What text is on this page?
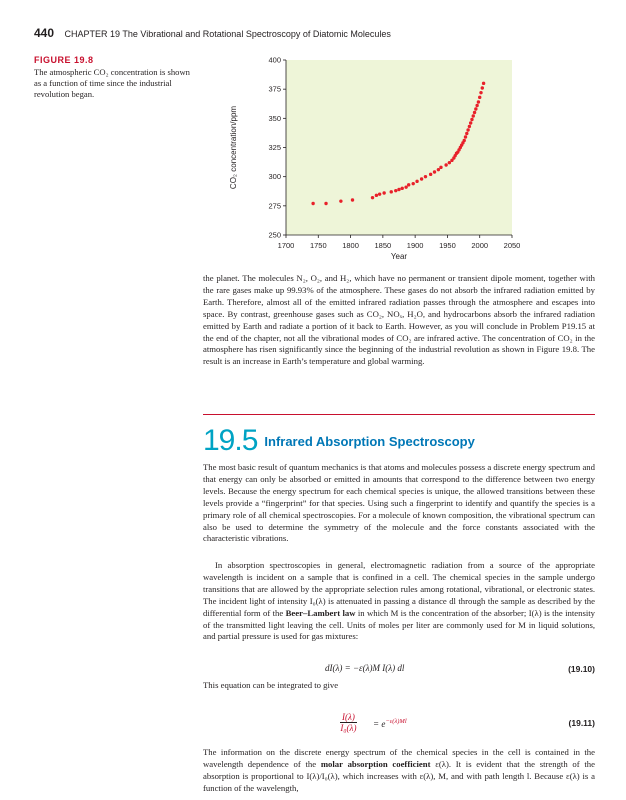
440 CHAPTER 19 The Vibrational and Rotational Spectroscopy of Diatomic Molecules
FIGURE 19.8
The atmospheric CO₂ concentration is shown as a function of time since the industrial revolution began.
1700 1750 1800 1850 1900 1950 2000 2050
250
275
300
325
350
375
400
Year
CO₂ concentration/ppm

the planet. The molecules N₂, O₂, and H₂, which have no permanent or transient dipole moment, together with the rare gases make up 99.93% of the atmosphere. These gases do not absorb the infrared radiation emitted by Earth. Therefore, almost all of the emitted infrared radiation passes through the atmosphere and escapes into space. By contrast, greenhouse gases such as CO₂, NOₓ, H₂O, and hydrocarbons absorb the infrared radiation emitted by Earth and radiate a portion of it back to Earth. However, as you will conclude in Problem P19.15 at the end of the chapter, not all the vibrational modes of CO₂ are infrared active. The concentration of CO₂ in the atmosphere has risen significantly since the beginning of the industrial revolution as shown in Figure 19.8. The result is an increase in Earth’s temperature and global warming.

19.5 Infrared Absorption Spectroscopy

The most basic result of quantum mechanics is that atoms and molecules possess a discrete energy spectrum and that energy can only be absorbed or emitted in amounts that correspond to the difference between two energy levels. Because the energy spectrum for each chemical species is unique, the allowed transitions between these levels provide a “fingerprint” for that species. Using such a fingerprint to identify and quantify the species is a primary role of all chemical spectroscopies. For a molecule of known composition, the vibrational spectrum can also be used to determine the symmetry of the molecule and the force constants associated with the characteristic vibrations.

In absorption spectroscopies in general, electromagnetic radiation from a source of the appropriate wavelength is incident on a sample that is confined in a cell. The chemical species in the sample undergo transitions that are allowed by the appropriate selection rules among rotational, vibrational, or electronic states. The incident light of intensity I₀(λ) is attenuated in passing a distance dl through the sample as described by the differential form of the Beer–Lambert law in which M is the concentration of the absorber; I(λ) is the intensity of the transmitted light leaving the cell. Units of moles per liter are commonly used for M in liquid solutions, and partial pressure is used for gas mixtures:

dI(λ) = −ε(λ)M I(λ) dl	(19.10)

This equation can be integrated to give

$\frac{I(\lambda)}{\text{I₀(λ)}} = e^{-\varepsilon(\lambda)Ml}$	(19.11)

The information on the discrete energy spectrum of the chemical species in the cell is contained in the wavelength dependence of the molar absorption coefficient ε(λ). It is evident that the strength of the absorption is proportional to I(λ)/I₀(λ), which increases with ε(λ), M, and with path length l. Because ε(λ) is a function of the wavelength,
